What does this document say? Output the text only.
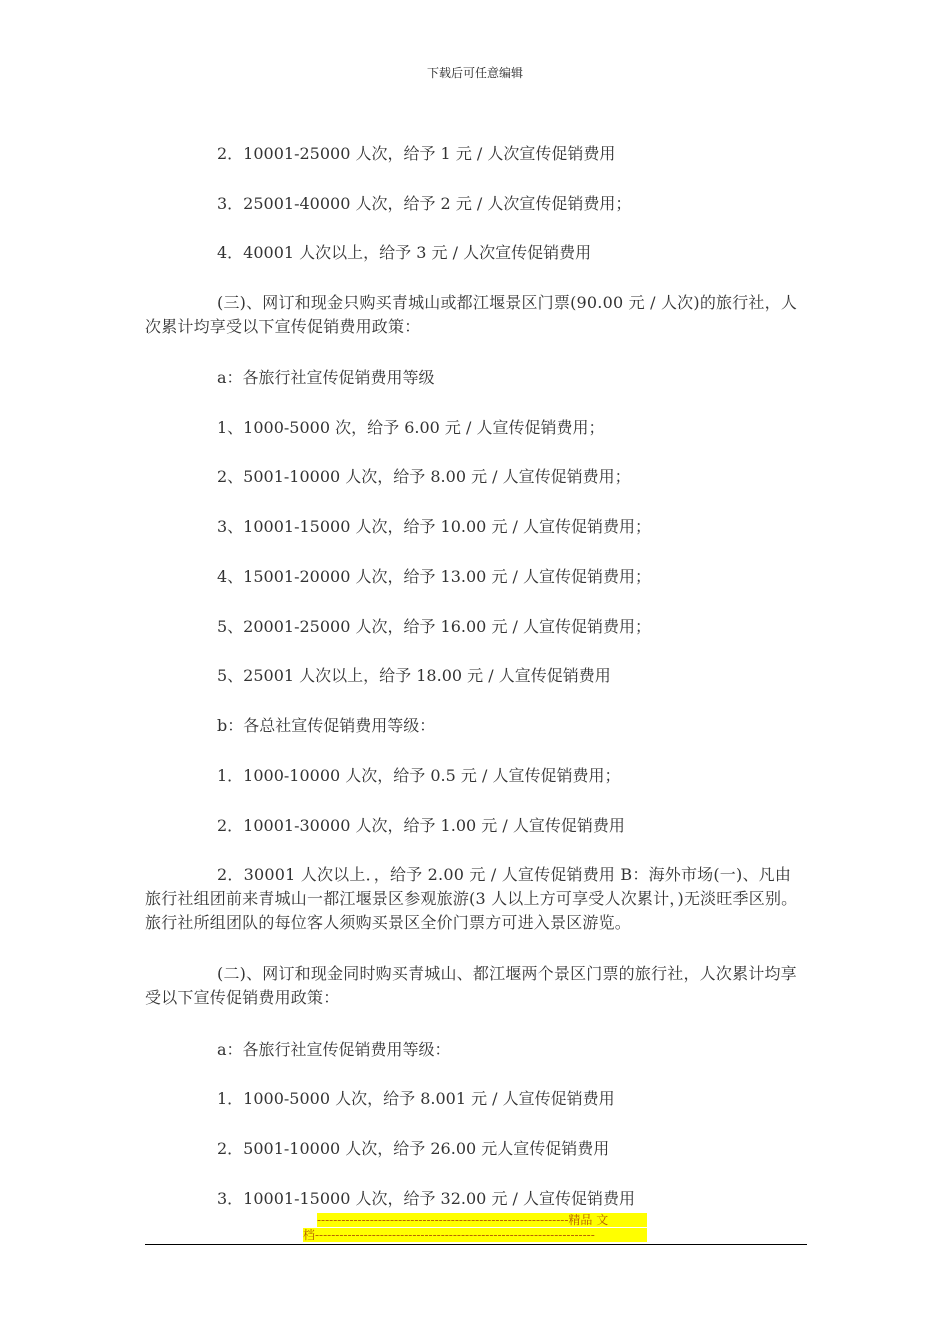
下载后可任意编辑
2．10001-25000 人次，给予 1 元 / 人次宣传促销费用
3．25001-40000 人次，给予 2 元 / 人次宣传促销费用；
4．40001 人次以上，给予 3 元 / 人次宣传促销费用
(三)、网订和现金只购买青城山或都江堰景区门票(90.00 元 / 人次)的旅行社，人次累计均享受以下宣传促销费用政策：
a：各旅行社宣传促销费用等级
1、1000-5000 次，给予 6.00 元 / 人宣传促销费用；
2、5001-10000 人次，给予 8.00 元 / 人宣传促销费用；
3、10001-15000 人次，给予 10.00 元 / 人宣传促销费用；
4、15001-20000 人次，给予 13.00 元 / 人宣传促销费用；
5、20001-25000 人次，给予 16.00 元 / 人宣传促销费用；
5、25001 人次以上，给予 18.00 元 / 人宣传促销费用
b：各总社宣传促销费用等级：
1．1000-10000 人次，给予 0.5 元 / 人宣传促销费用；
2．10001-30000 人次，给予 1.00 元 / 人宣传促销费用
2．30001 人次以上．，给予 2.00 元 / 人宣传促销费用 B：海外市场(一)、凡由旅行社组团前来青城山一都江堰景区参观旅游(3 人以上方可享受人次累计，)无淡旺季区别。旅行社所组团队的每位客人须购买景区全价门票方可进入景区游览。
(二)、网订和现金同时购买青城山、都江堰两个景区门票的旅行社，人次累计均享受以下宣传促销费用政策：
a：各旅行社宣传促销费用等级：
1．1000-5000 人次，给予 8.001 元 / 人宣传促销费用
2．5001-10000 人次，给予 26.00 元人宣传促销费用
3．10001-15000 人次，给予 32.00 元 / 人宣传促销费用
--------------------------------------------------------------精品 文
档---------------------------------------------------------------------
